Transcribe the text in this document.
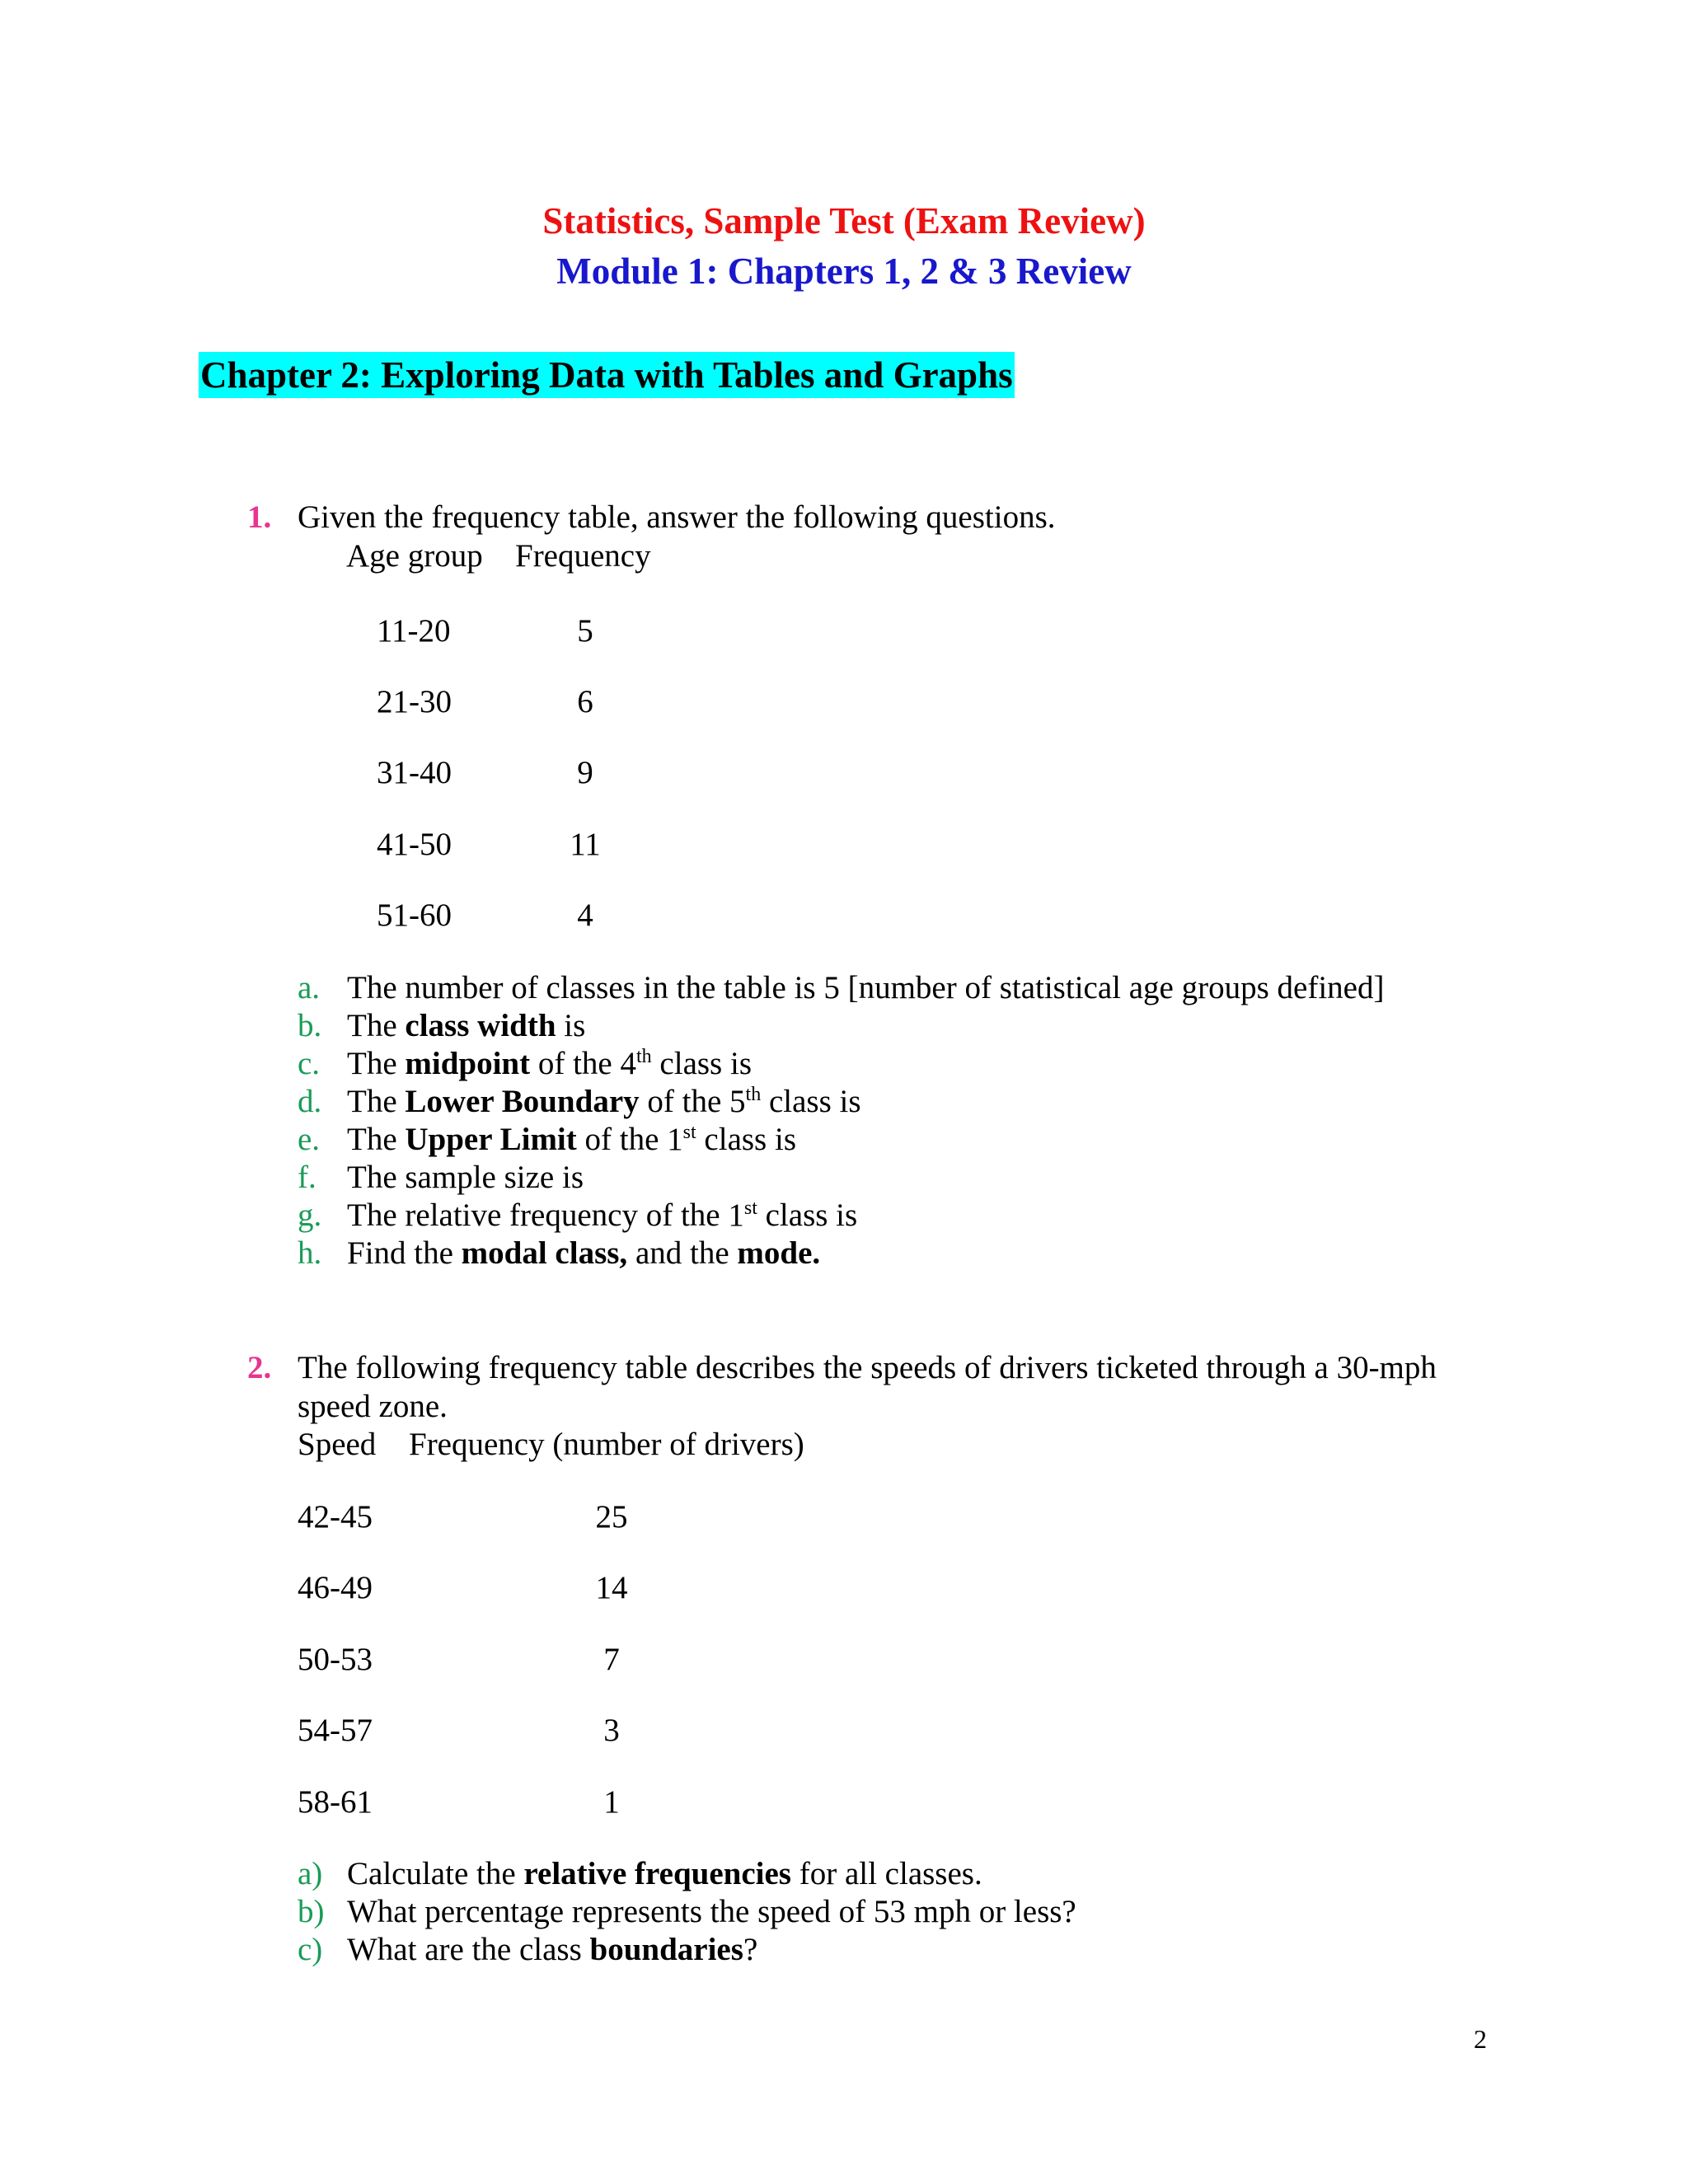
Statistics, Sample Test (Exam Review)
Module 1: Chapters 1, 2 & 3 Review
Chapter 2: Exploring Data with Tables and Graphs
1. Given the frequency table, answer the following questions.
Age group Frequency
11-20	5
21-30	6
31-40	9
41-50	11
51-60	4
a. The number of classes in the table is 5 [number of statistical age groups defined]
b. The class width is
c. The midpoint of the 4th class is
d. The Lower Boundary of the 5th class is
e. The Upper Limit of the 1st class is
f. The sample size is
g. The relative frequency of the 1st class is
h. Find the modal class, and the mode.
2. The following frequency table describes the speeds of drivers ticketed through a 30-mph
speed zone.
Speed Frequency (number of drivers)
42-45	25
46-49	14
50-53	7
54-57	3
58-61	1
a) Calculate the relative frequencies for all classes.
b) What percentage represents the speed of 53 mph or less?
c) What are the class boundaries?
2
